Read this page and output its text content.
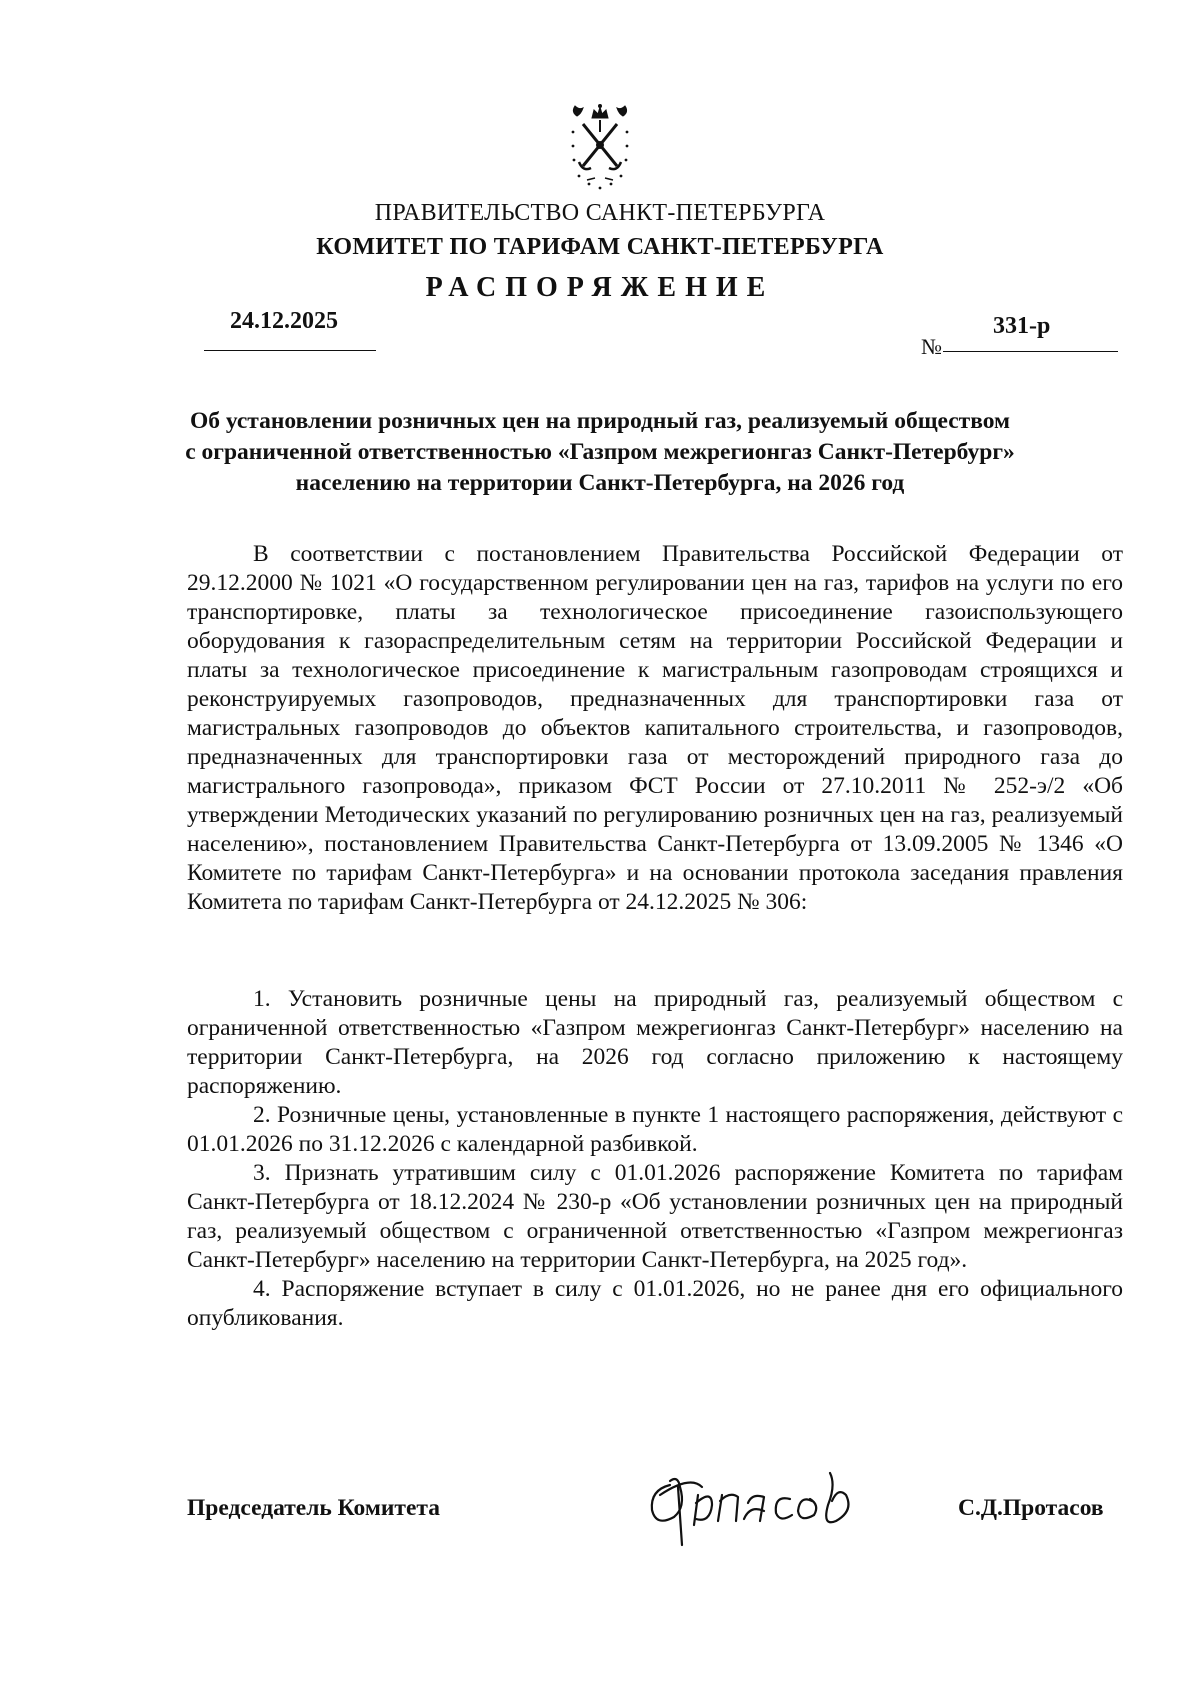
ПРАВИТЕЛЬСТВО САНКТ-ПЕТЕРБУРГА
КОМИТЕТ ПО ТАРИФАМ САНКТ-ПЕТЕРБУРГА
РАСПОРЯЖЕНИЕ
24.12.2025
№
331-р
Об установлении розничных цен на природный газ, реализуемый обществом
с ограниченной ответственностью «Газпром межрегионгаз Санкт-Петербург»
населению на территории Санкт-Петербурга, на 2026 год
В соответствии с постановлением Правительства Российской Федерации от 29.12.2000 № 1021 «О государственном регулировании цен на газ, тарифов на услуги по его транспортировке, платы за технологическое присоединение газоиспользующего оборудования к газораспределительным сетям на территории Российской Федерации и платы за технологическое присоединение к магистральным газопроводам строящихся и реконструируемых газопроводов, предназначенных для транспортировки газа от магистральных газопроводов до объектов капитального строительства, и газопроводов, предназначенных для транспортировки газа от месторождений природного газа до магистрального газопровода», приказом ФСТ России от 27.10.2011 № 252-э/2 «Об утверждении Методических указаний по регулированию розничных цен на газ, реализуемый населению», постановлением Правительства Санкт-Петербурга от 13.09.2005 № 1346 «О Комитете по тарифам Санкт-Петербурга» и на основании протокола заседания правления Комитета по тарифам Санкт-Петербурга от 24.12.2025 № 306:

1. Установить розничные цены на природный газ, реализуемый обществом с ограниченной ответственностью «Газпром межрегионгаз Санкт-Петербург» населению на территории Санкт-Петербурга, на 2026 год согласно приложению к настоящему распоряжению.

2. Розничные цены, установленные в пункте 1 настоящего распоряжения, действуют с 01.01.2026 по 31.12.2026 с календарной разбивкой.

3. Признать утратившим силу с 01.01.2026 распоряжение Комитета по тарифам Санкт-Петербурга от 18.12.2024 № 230-р «Об установлении розничных цен на природный газ, реализуемый обществом с ограниченной ответственностью «Газпром межрегионгаз Санкт-Петербург» населению на территории Санкт-Петербурга, на 2025 год».

4. Распоряжение вступает в силу с 01.01.2026, но не ранее дня его официального опубликования.

Председатель Комитета	С.Д.Протасов
